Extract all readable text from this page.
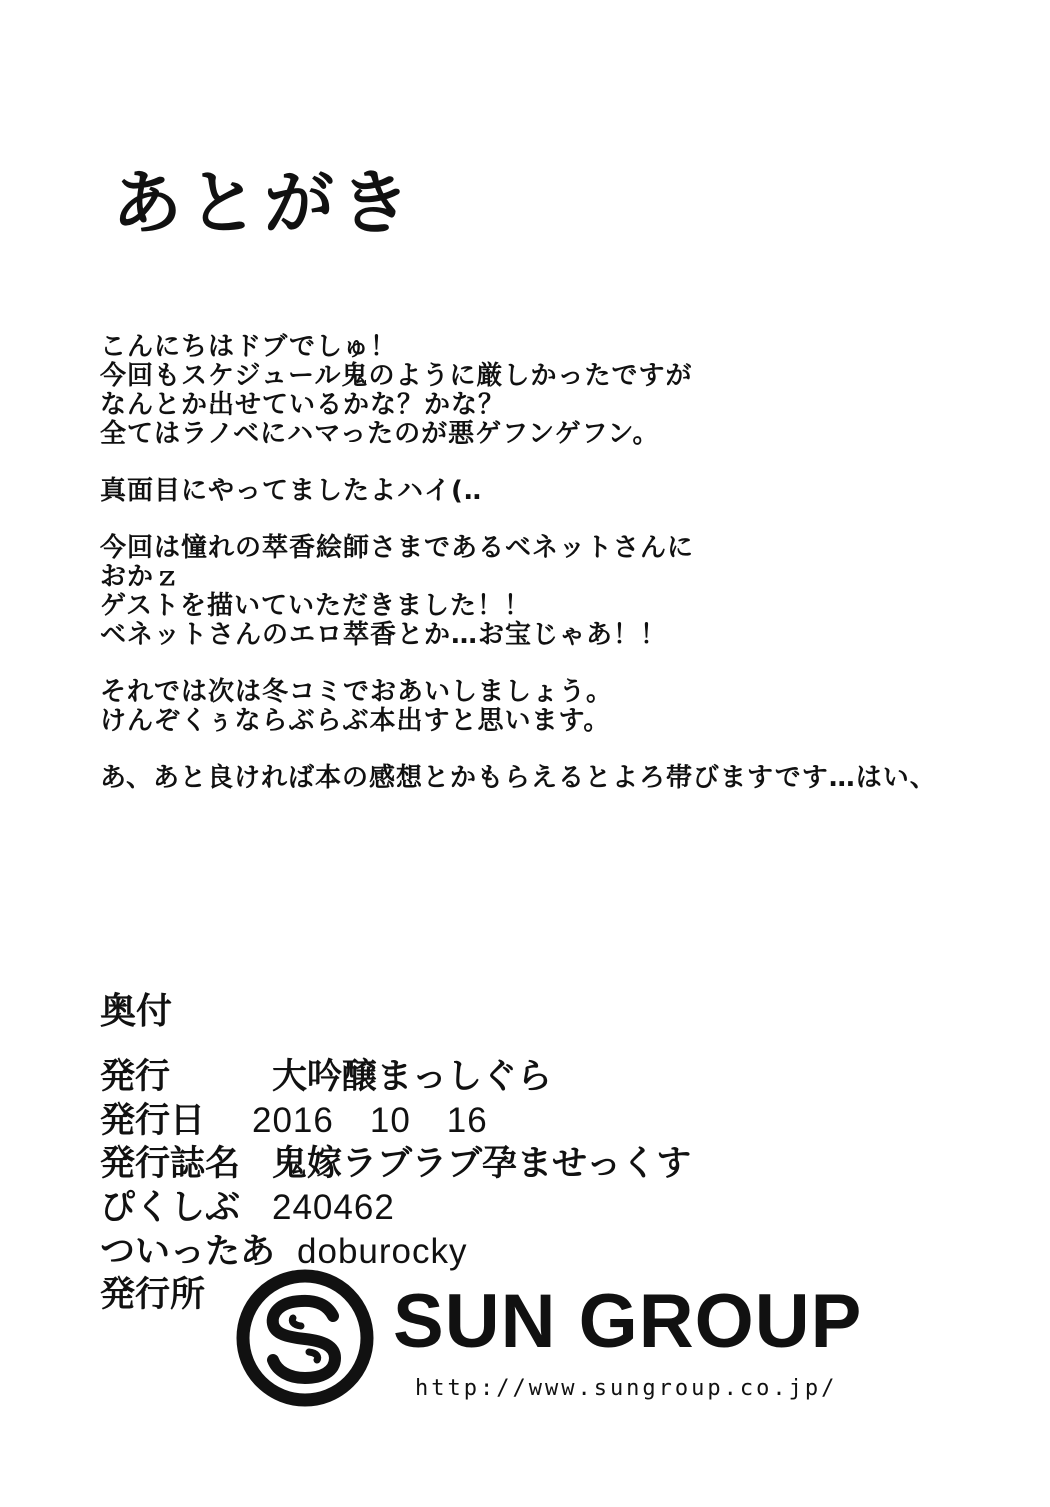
あとがき
こんにちはドブでしゅ！
今回もスケジュール鬼のように厳しかったですが
なんとか出せているかな？かな？
全てはラノベにハマったのが悪ゲフンゲフン。
真面目にやってましたよハイ(‥
今回は憧れの萃香絵師さまであるベネットさんに
おかｚ
ゲストを描いていただきました！！
ベネットさんのエロ萃香とか…お宝じゃあ！！
それでは次は冬コミでおあいしましょう。
けんぞくぅならぶらぶ本出すと思います。
あ、あと良ければ本の感想とかもらえるとよろ帯びますです…はい、
奥付
発行	大吟醸まっしぐら
発行日	2016　10　16
発行誌名 鬼嫁ラブラブ孕ませっくす
ぴくしぶ 240462
ついったあ doburocky
発行所	SUN GROUP
http://www.sungroup.co.jp/
